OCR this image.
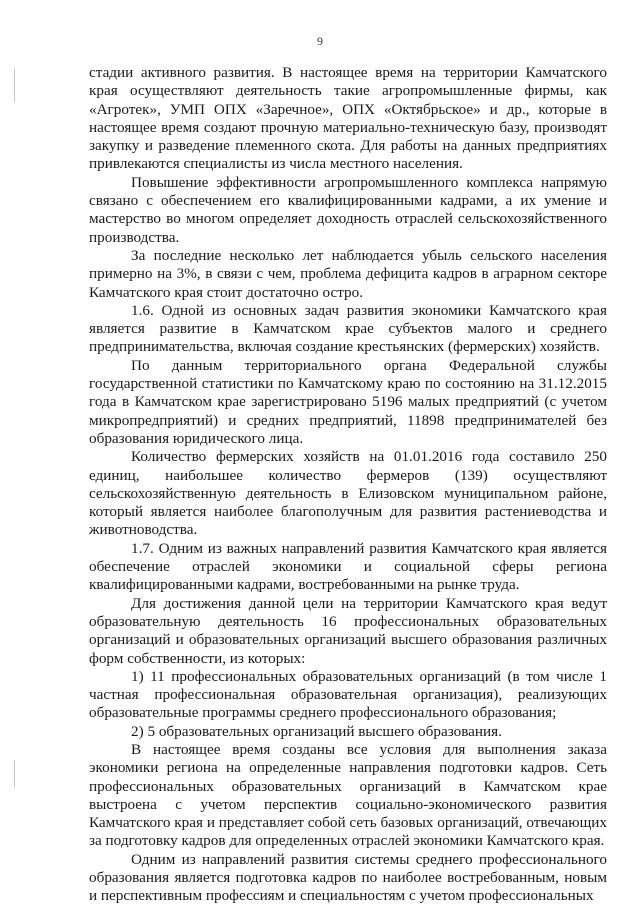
9

стадии активного развития. В настоящее время на территории Камчатского края осуществляют деятельность такие агропромышленные фирмы, как «Агротек», УМП ОПХ «Заречное», ОПХ «Октябрьское» и др., которые в настоящее время создают прочную материально-техническую базу, производят закупку и разведение племенного скота. Для работы на данных предприятиях привлекаются специалисты из числа местного населения.

Повышение эффективности агропромышленного комплекса напрямую связано с обеспечением его квалифицированными кадрами, а их умение и мастерство во многом определяет доходность отраслей сельскохозяйственного производства.

За последние несколько лет наблюдается убыль сельского населения примерно на 3%, в связи с чем, проблема дефицита кадров в аграрном секторе Камчатского края стоит достаточно остро.

1.6. Одной из основных задач развития экономики Камчатского края является развитие в Камчатском крае субъектов малого и среднего предпринимательства, включая создание крестьянских (фермерских) хозяйств.

По данным территориального органа Федеральной службы государственной статистики по Камчатскому краю по состоянию на 31.12.2015 года в Камчатском крае зарегистрировано 5196 малых предприятий (с учетом микропредприятий) и средних предприятий, 11898 предпринимателей без образования юридического лица.

Количество фермерских хозяйств на 01.01.2016 года составило 250 единиц, наибольшее количество фермеров (139) осуществляют сельскохозяйственную деятельность в Елизовском муниципальном районе, который является наиболее благополучным для развития растениеводства и животноводства.

1.7. Одним из важных направлений развития Камчатского края является обеспечение отраслей экономики и социальной сферы региона квалифицированными кадрами, востребованными на рынке труда.

Для достижения данной цели на территории Камчатского края ведут образовательную деятельность 16 профессиональных образовательных организаций и образовательных организаций высшего образования различных форм собственности, из которых:

1) 11 профессиональных образовательных организаций (в том числе 1 частная профессиональная образовательная организация), реализующих образовательные программы среднего профессионального образования;

2) 5 образовательных организаций высшего образования.

В настоящее время созданы все условия для выполнения заказа экономики региона на определенные направления подготовки кадров. Сеть профессиональных образовательных организаций в Камчатском крае выстроена с учетом перспектив социально-экономического развития Камчатского края и представляет собой сеть базовых организаций, отвечающих за подготовку кадров для определенных отраслей экономики Камчатского края.

Одним из направлений развития системы среднего профессионального образования является подготовка кадров по наиболее востребованным, новым и перспективным профессиям и специальностям с учетом профессиональных
